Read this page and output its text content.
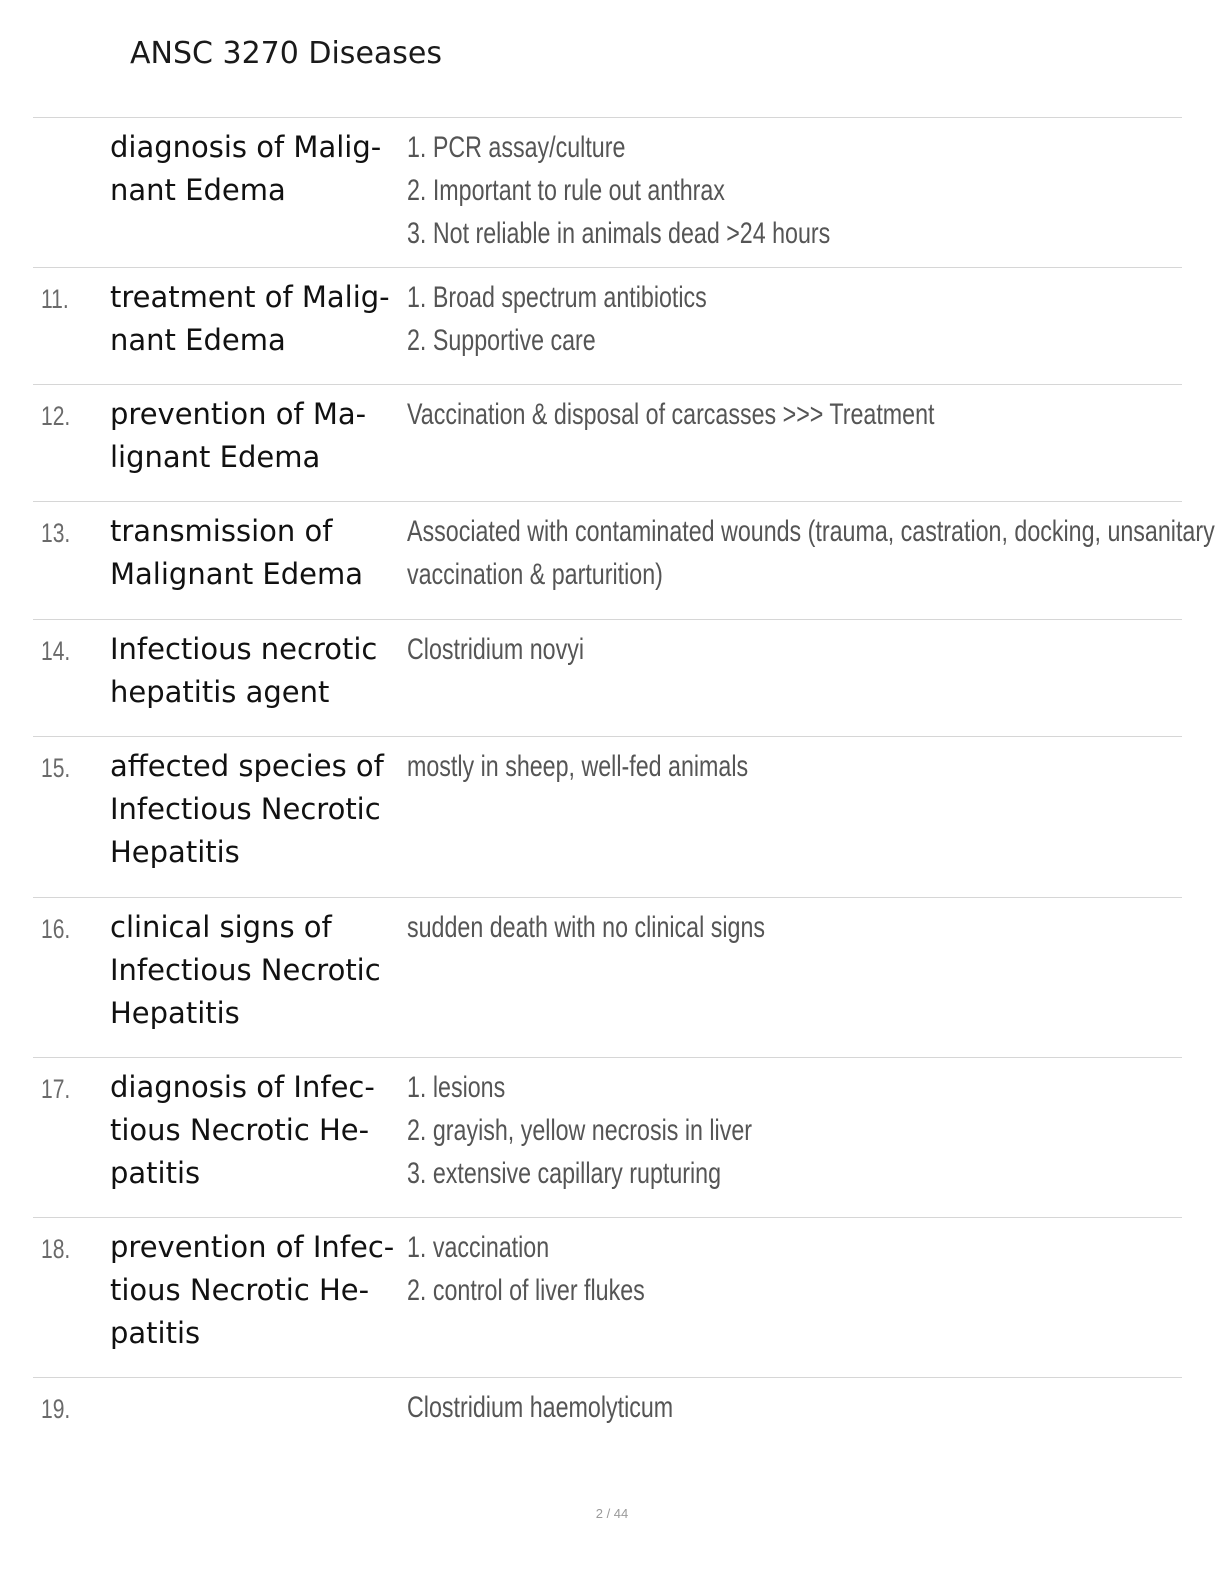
ANSC 3270 Diseases
diagnosis of Malig-
nant Edema
1. PCR assay/culture
2. Important to rule out anthrax
3. Not reliable in animals dead >24 hours
11. treatment of Malig-
nant Edema
1. Broad spectrum antibiotics
2. Supportive care
12. prevention of Ma-
lignant Edema
Vaccination & disposal of carcasses >>> Treatment
13. transmission of
Malignant Edema
Associated with contaminated wounds (trauma, castration, docking, unsanitary
vaccination & parturition)
14. Infectious necrotic
hepatitis agent
Clostridium novyi
15. affected species of
Infectious Necrotic
Hepatitis
mostly in sheep, well-fed animals
16. clinical signs of
Infectious Necrotic
Hepatitis
sudden death with no clinical signs
17. diagnosis of Infec-
tious Necrotic He-
patitis
1. lesions
2. grayish, yellow necrosis in liver
3. extensive capillary rupturing
18. prevention of Infec-
tious Necrotic He-
patitis
1. vaccination
2. control of liver flukes
19.	Clostridium haemolyticum
2 / 44
